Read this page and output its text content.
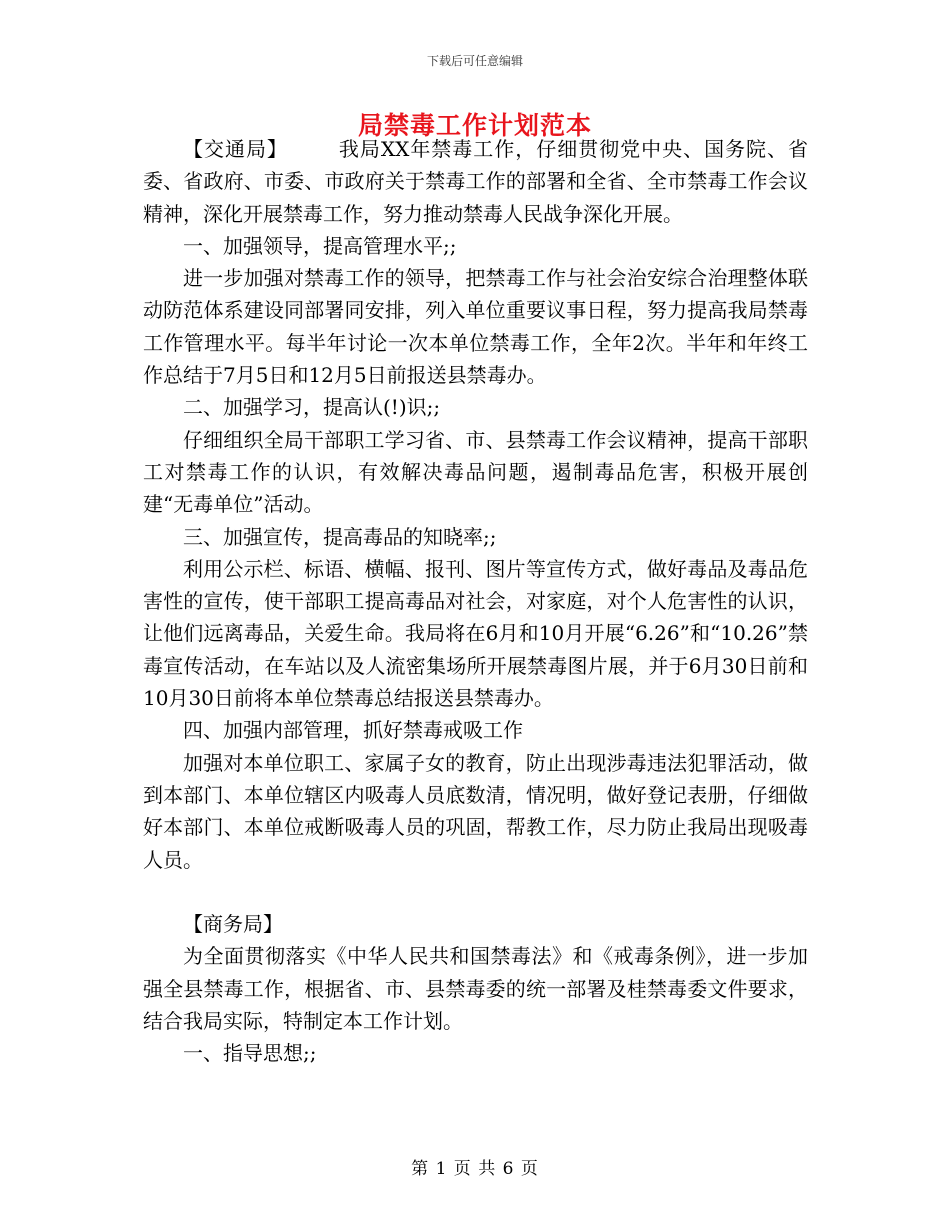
下载后可任意编辑
局禁毒工作计划范本

【交通局】	我局XX年禁毒工作，仔细贯彻党中央、国务院、省委、省政府、市委、市政府关于禁毒工作的部署和全省、全市禁毒工作会议精神，深化开展禁毒工作，努力推动禁毒人民战争深化开展。

一、加强领导，提高管理水平;;

进一步加强对禁毒工作的领导，把禁毒工作与社会治安综合治理整体联动防范体系建设同部署同安排，列入单位重要议事日程，努力提高我局禁毒工作管理水平。每半年讨论一次本单位禁毒工作，全年2次。半年和年终工作总结于7月5日和12月5日前报送县禁毒办。

二、加强学习，提高认(!)识;;

仔细组织全局干部职工学习省、市、县禁毒工作会议精神，提高干部职工对禁毒工作的认识，有效解决毒品问题，遏制毒品危害，积极开展创建“无毒单位”活动。

三、加强宣传，提高毒品的知晓率;;

利用公示栏、标语、横幅、报刊、图片等宣传方式，做好毒品及毒品危害性的宣传，使干部职工提高毒品对社会，对家庭，对个人危害性的认识，让他们远离毒品，关爱生命。我局将在6月和10月开展“6.26”和“10.26”禁毒宣传活动，在车站以及人流密集场所开展禁毒图片展，并于6月30日前和10月30日前将本单位禁毒总结报送县禁毒办。

四、加强内部管理，抓好禁毒戒吸工作

加强对本单位职工、家属子女的教育，防止出现涉毒违法犯罪活动，做到本部门、本单位辖区内吸毒人员底数清，情况明，做好登记表册，仔细做好本部门、本单位戒断吸毒人员的巩固，帮教工作，尽力防止我局出现吸毒人员。

【商务局】

为全面贯彻落实《中华人民共和国禁毒法》和《戒毒条例》，进一步加强全县禁毒工作，根据省、市、县禁毒委的统一部署及桂禁毒委文件要求，结合我局实际，特制定本工作计划。

一、指导思想;;

第 1 页 共 6 页
